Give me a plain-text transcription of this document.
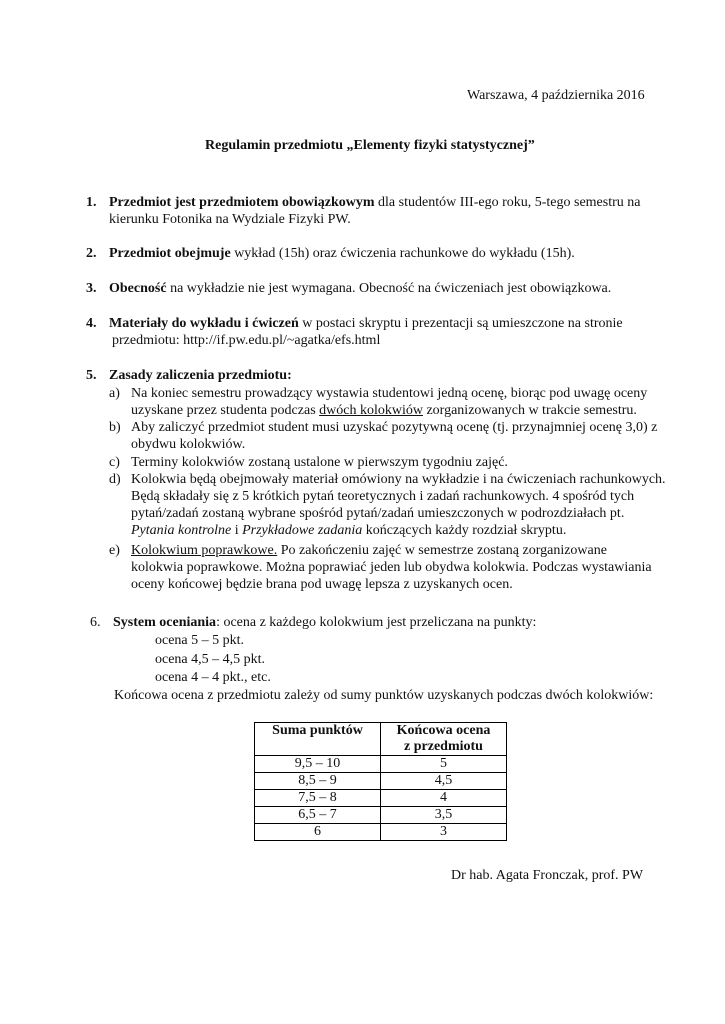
Warszawa, 4 października 2016
Regulamin przedmiotu „Elementy fizyki statystycznej”
1. Przedmiot jest przedmiotem obowiązkowym dla studentów III-ego roku, 5-tego semestru na
kierunku Fotonika na Wydziale Fizyki PW.
2. Przedmiot obejmuje wykład (15h) oraz ćwiczenia rachunkowe do wykładu (15h).
3. Obecność na wykładzie nie jest wymagana. Obecność na ćwiczeniach jest obowiązkowa.
4. Materiały do wykładu i ćwiczeń w postaci skryptu i prezentacji są umieszczone na stronie
przedmiotu: http://if.pw.edu.pl/~agatka/efs.html
5. Zasady zaliczenia przedmiotu:
a) Na koniec semestru prowadzący wystawia studentowi jedną ocenę, biorąc pod uwagę oceny
uzyskane przez studenta podczas dwóch kolokwiów zorganizowanych w trakcie semestru.
b) Aby zaliczyć przedmiot student musi uzyskać pozytywną ocenę (tj. przynajmniej ocenę 3,0) z
obydwu kolokwiów.
c) Terminy kolokwiów zostaną ustalone w pierwszym tygodniu zajęć.
d) Kolokwia będą obejmowały materiał omówiony na wykładzie i na ćwiczeniach rachunkowych.
Będą składały się z 5 krótkich pytań teoretycznych i zadań rachunkowych. 4 spośród tych
pytań/zadań zostaną wybrane spośród pytań/zadań umieszczonych w podrozdziałach pt.
Pytania kontrolne i Przykładowe zadania kończących każdy rozdział skryptu.
e) Kolokwium poprawkowe. Po zakończeniu zajęć w semestrze zostaną zorganizowane
kolokwia poprawkowe. Można poprawiać jeden lub obydwa kolokwia. Podczas wystawiania
oceny końcowej będzie brana pod uwagę lepsza z uzyskanych ocen.
6. System oceniania: ocena z każdego kolokwium jest przeliczana na punkty:
ocena 5 – 5 pkt.
ocena 4,5 – 4,5 pkt.
ocena 4 – 4 pkt., etc.
Końcowa ocena z przedmiotu zależy od sumy punktów uzyskanych podczas dwóch kolokwiów:
Suma punktów	Końcowa ocena
z przedmiotu
9,5 – 10	5
8,5 – 9	4,5
7,5 – 8	4
6,5 – 7	3,5
6	3
Dr hab. Agata Fronczak, prof. PW
